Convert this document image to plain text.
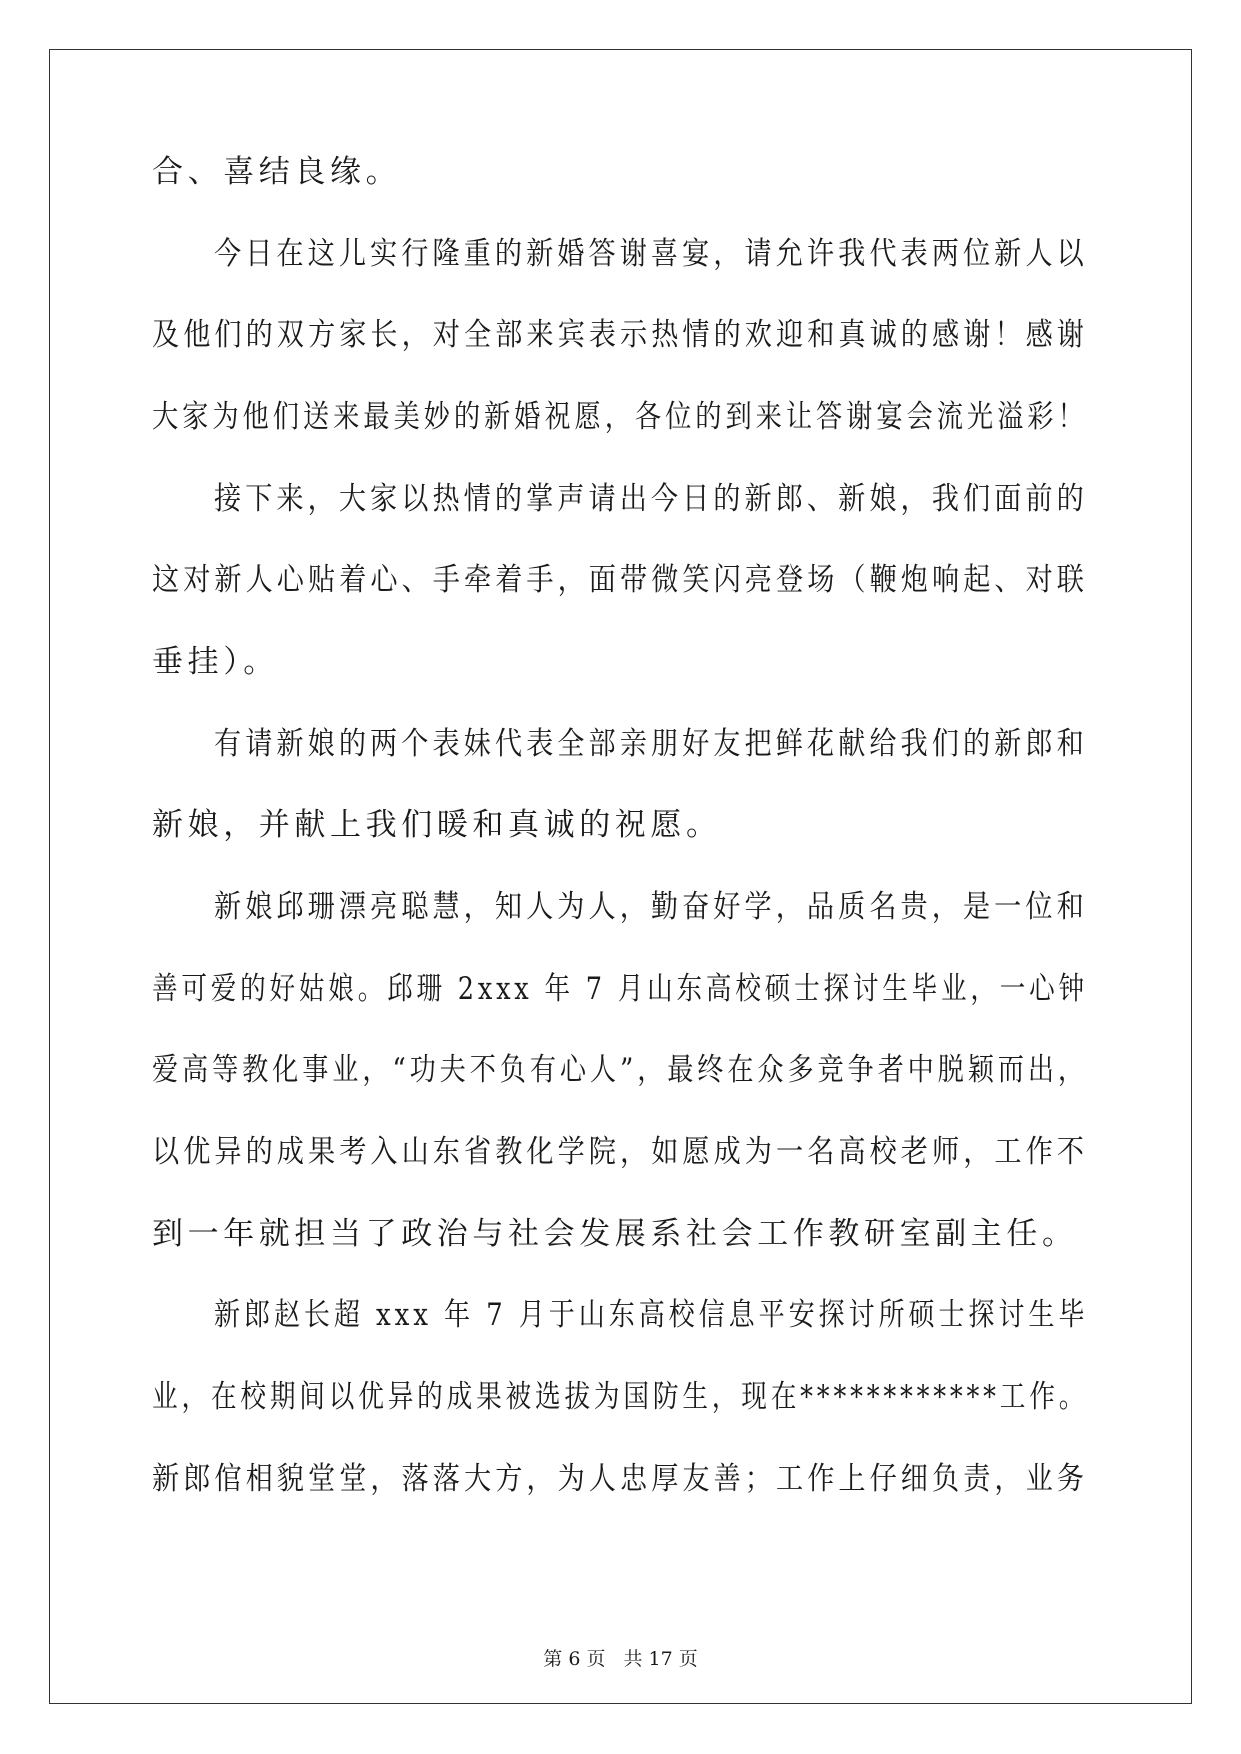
合、喜结良缘。
今日在这儿实行隆重的新婚答谢喜宴，请允许我代表两位新人以
及他们的双方家长，对全部来宾表示热情的欢迎和真诚的感谢！感谢
大家为他们送来最美妙的新婚祝愿，各位的到来让答谢宴会流光溢彩！
接下来，大家以热情的掌声请出今日的新郎、新娘，我们面前的
这对新人心贴着心、手牵着手，面带微笑闪亮登场（鞭炮响起、对联
垂挂）。
有请新娘的两个表妹代表全部亲朋好友把鲜花献给我们的新郎和
新娘，并献上我们暖和真诚的祝愿。
新娘邱珊漂亮聪慧，知人为人，勤奋好学，品质名贵，是一位和
善可爱的好姑娘。邱珊 2xxx 年 7 月山东高校硕士探讨生毕业，一心钟
爱高等教化事业，“功夫不负有心人”，最终在众多竞争者中脱颖而出，
以优异的成果考入山东省教化学院，如愿成为一名高校老师，工作不
到一年就担当了政治与社会发展系社会工作教研室副主任。
新郎赵长超 xxx 年 7 月于山东高校信息平安探讨所硕士探讨生毕
业，在校期间以优异的成果被选拔为国防生，现在************工作。
新郎倌相貌堂堂，落落大方，为人忠厚友善；工作上仔细负责，业务
第 6 页 共 17 页
